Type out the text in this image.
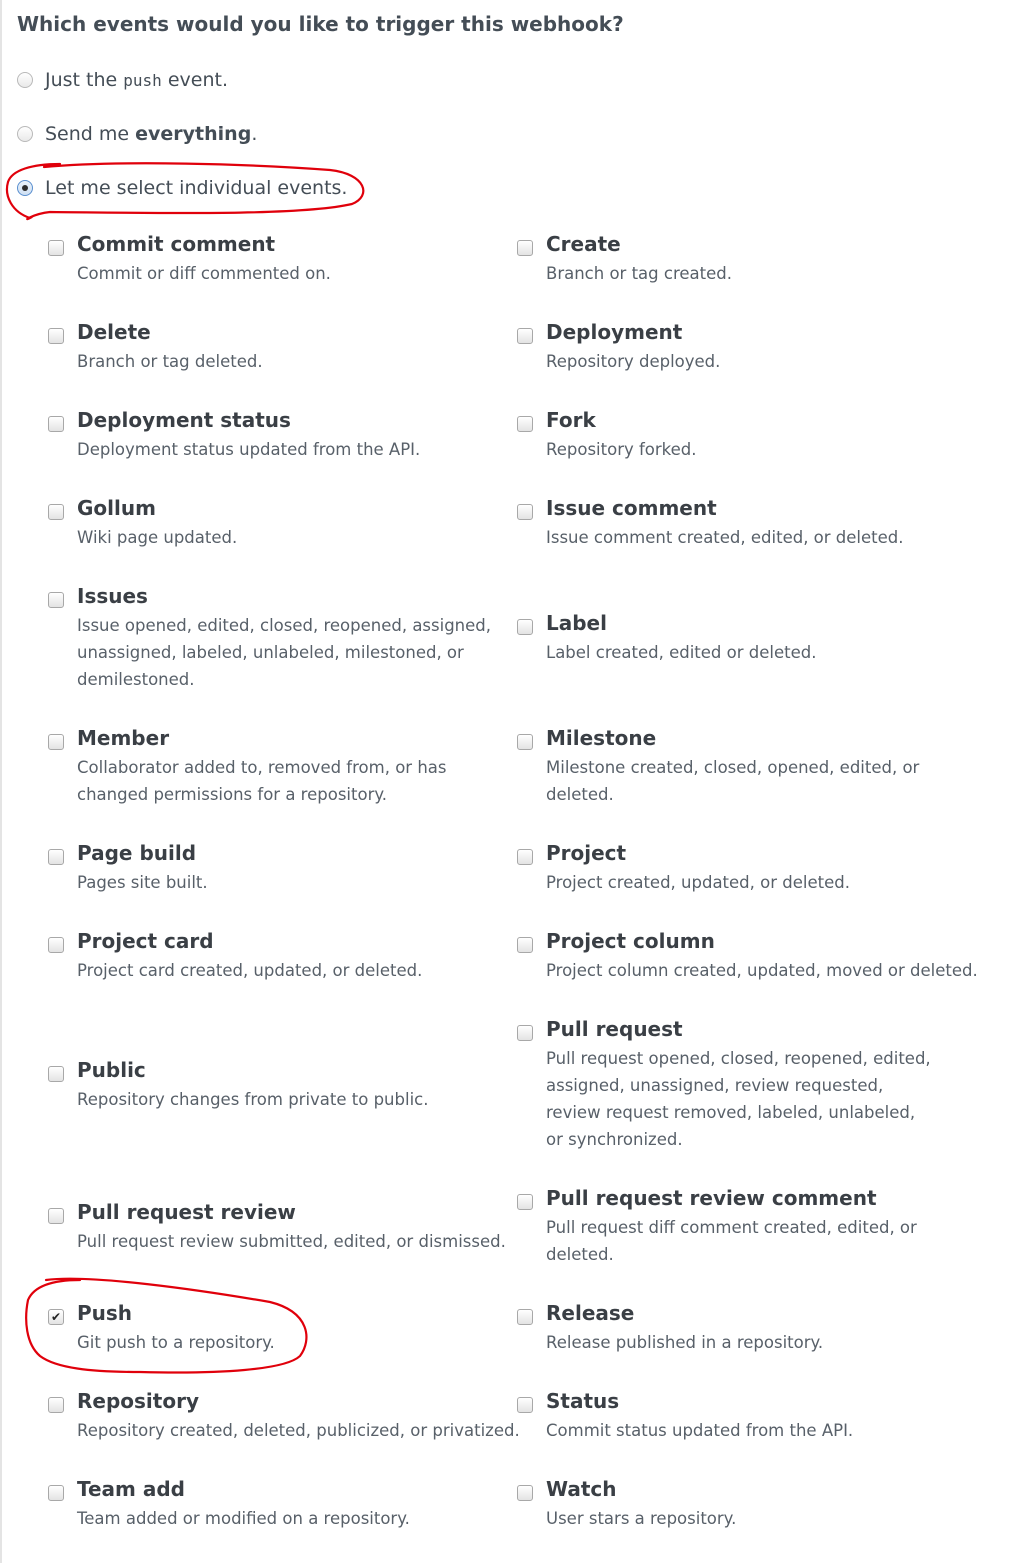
Which events would you like to trigger this webhook?
Just the push event.
Send me everything.
Let me select individual events.
Commit comment
Commit or diff commented on.
Create
Branch or tag created.
Delete
Branch or tag deleted.
Deployment
Repository deployed.
Deployment status
Deployment status updated from the API.
Fork
Repository forked.
Gollum
Wiki page updated.
Issue comment
Issue comment created, edited, or deleted.
Issues
Issue opened, edited, closed, reopened, assigned, unassigned, labeled, unlabeled, milestoned, or demilestoned.
Label
Label created, edited or deleted.
Member
Collaborator added to, removed from, or has changed permissions for a repository.
Milestone
Milestone created, closed, opened, edited, or deleted.
Page build
Pages site built.
Project
Project created, updated, or deleted.
Project card
Project card created, updated, or deleted.
Project column
Project column created, updated, moved or deleted.
Public
Repository changes from private to public.
Pull request
Pull request opened, closed, reopened, edited, assigned, unassigned, review requested, review request removed, labeled, unlabeled, or synchronized.
Pull request review
Pull request review submitted, edited, or dismissed.
Pull request review comment
Pull request diff comment created, edited, or deleted.
✔ Push
Git push to a repository.
Release
Release published in a repository.
Repository
Repository created, deleted, publicized, or privatized.
Status
Commit status updated from the API.
Team add
Team added or modified on a repository.
Watch
User stars a repository.
